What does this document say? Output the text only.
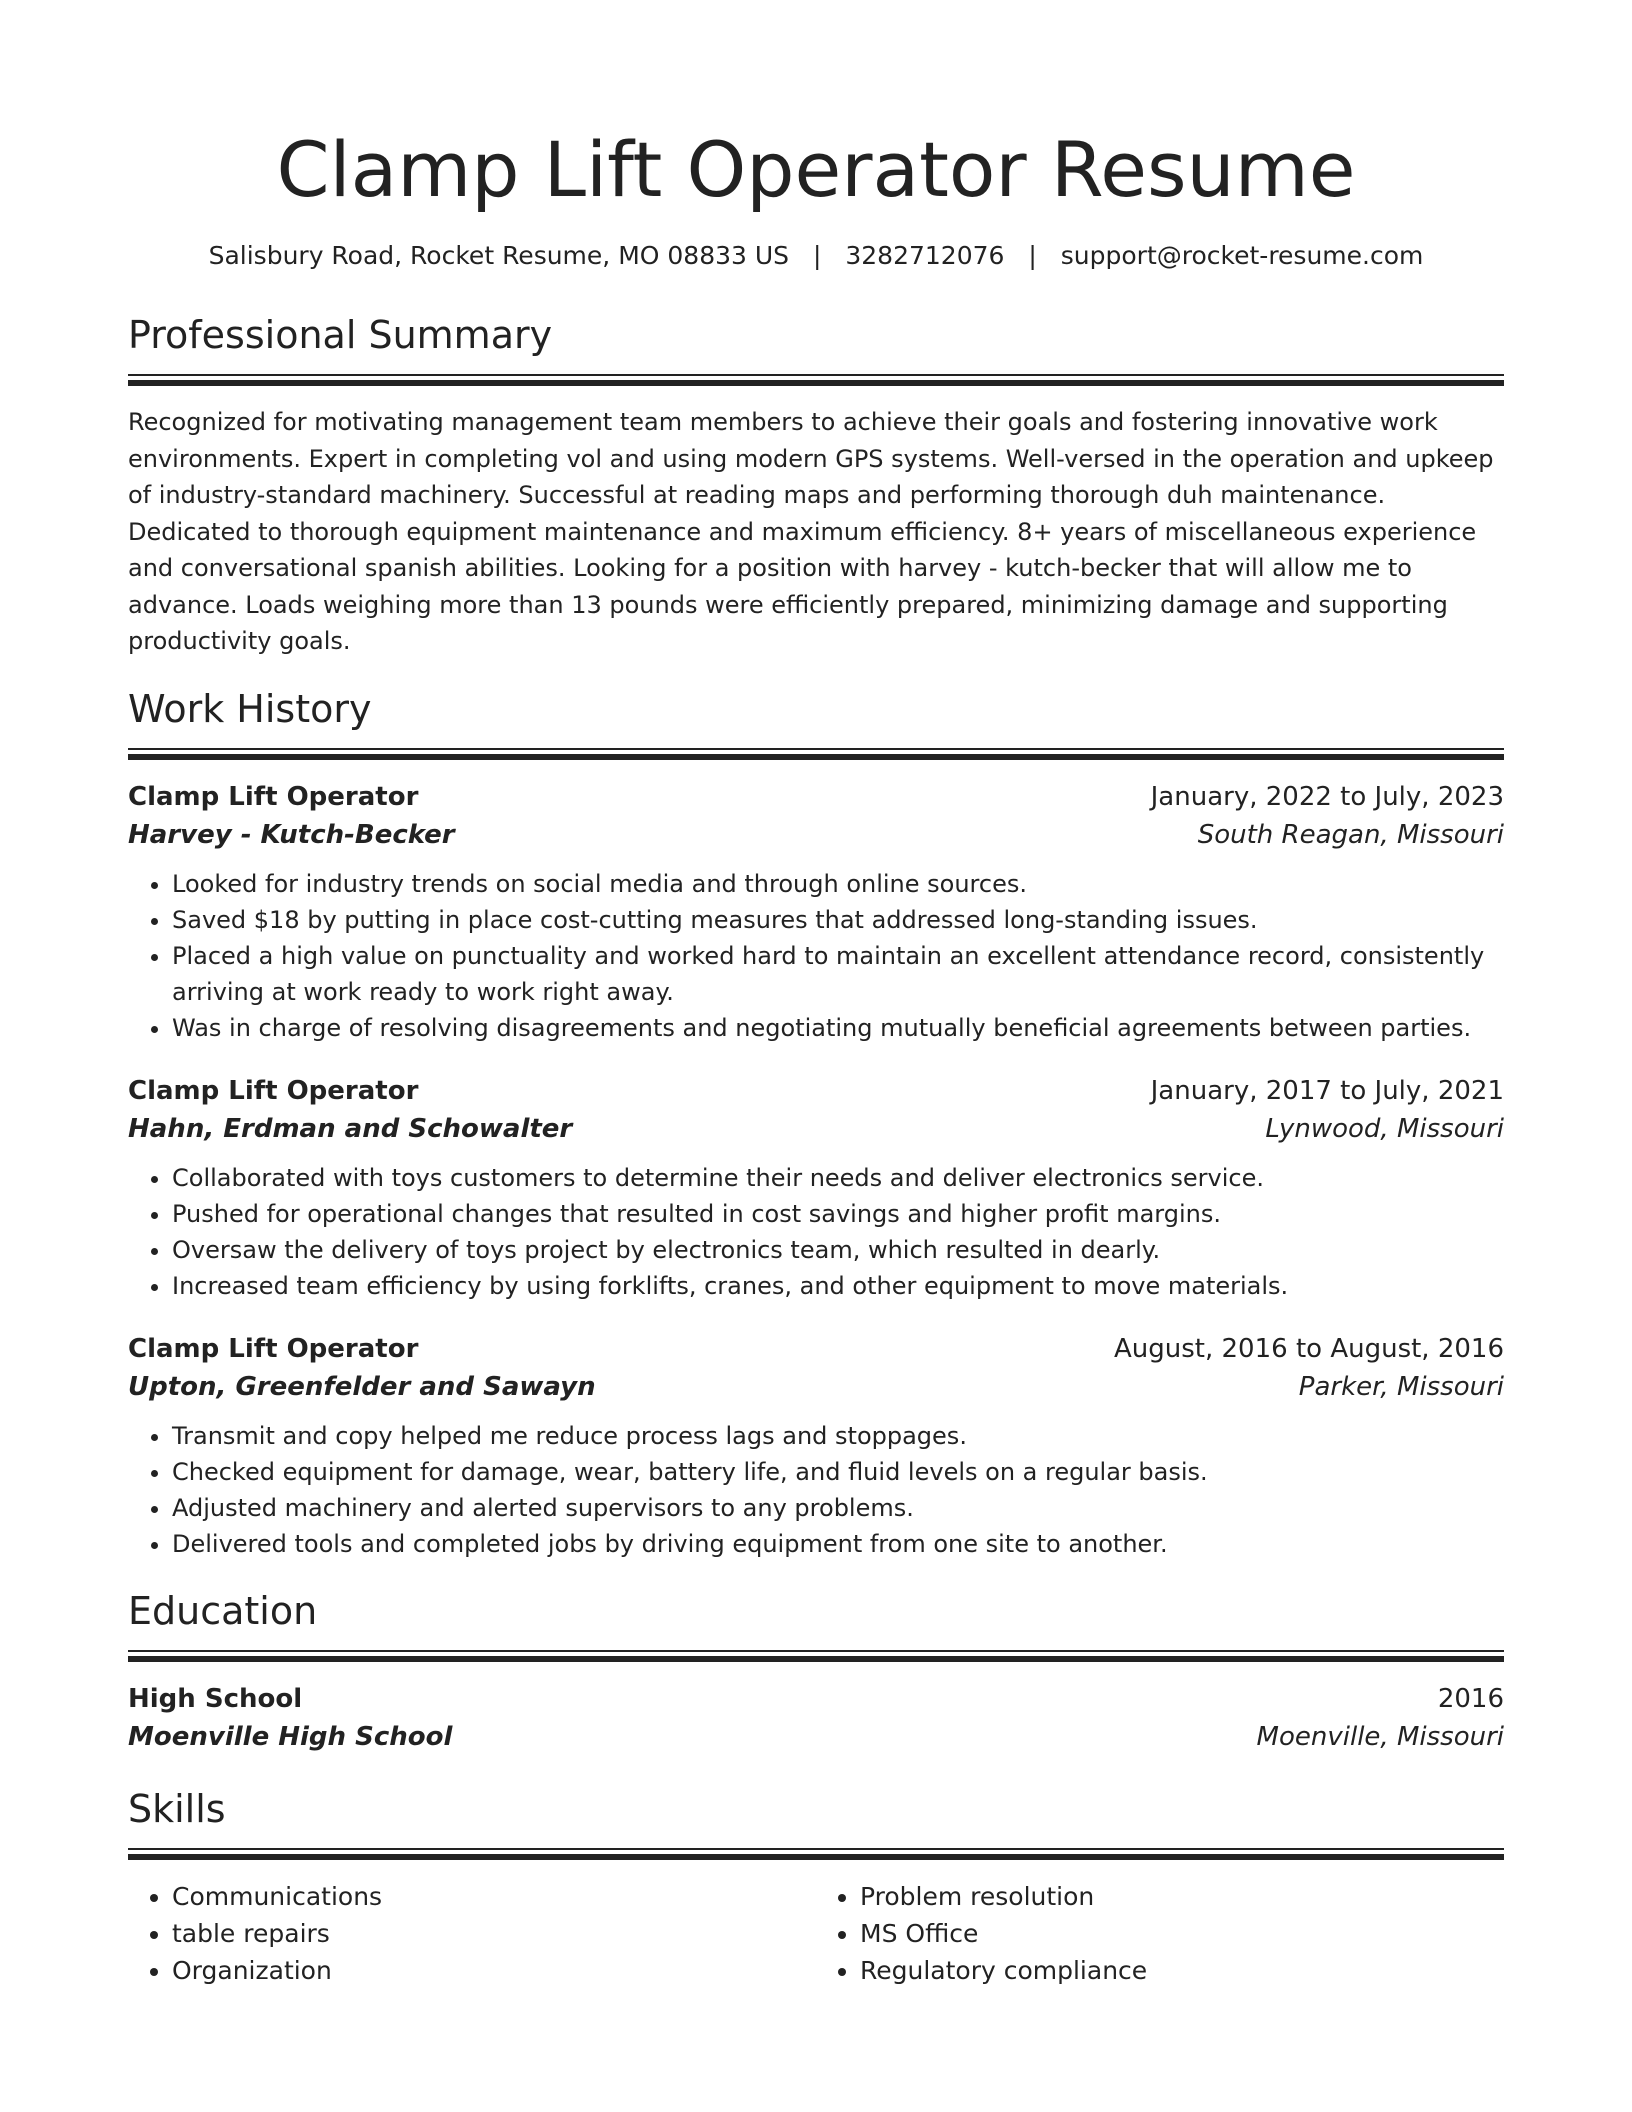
Clamp Lift Operator Resume
Salisbury Road, Rocket Resume, MO 08833 US | 3282712076 | support@rocket-resume.com
Professional Summary

Recognized for motivating management team members to achieve their goals and fostering innovative work environments. Expert in completing vol and using modern GPS systems. Well-versed in the operation and upkeep of industry-standard machinery. Successful at reading maps and performing thorough duh maintenance. Dedicated to thorough equipment maintenance and maximum efficiency. 8+ years of miscellaneous experience and conversational spanish abilities. Looking for a position with harvey - kutch-becker that will allow me to advance. Loads weighing more than 13 pounds were efficiently prepared, minimizing damage and supporting productivity goals.

Work History
Clamp Lift Operator	January, 2022 to July, 2023
Harvey - Kutch-Becker	South Reagan, Missouri
• Looked for industry trends on social media and through online sources.
• Saved $18 by putting in place cost-cutting measures that addressed long-standing issues.
• Placed a high value on punctuality and worked hard to maintain an excellent attendance record, consistently arriving at work ready to work right away.
• Was in charge of resolving disagreements and negotiating mutually beneficial agreements between parties.
Clamp Lift Operator	January, 2017 to July, 2021
Hahn, Erdman and Schowalter	Lynwood, Missouri
• Collaborated with toys customers to determine their needs and deliver electronics service.
• Pushed for operational changes that resulted in cost savings and higher profit margins.
• Oversaw the delivery of toys project by electronics team, which resulted in dearly.
• Increased team efficiency by using forklifts, cranes, and other equipment to move materials.
Clamp Lift Operator	August, 2016 to August, 2016
Upton, Greenfelder and Sawayn	Parker, Missouri
• Transmit and copy helped me reduce process lags and stoppages.
• Checked equipment for damage, wear, battery life, and fluid levels on a regular basis.
• Adjusted machinery and alerted supervisors to any problems.
• Delivered tools and completed jobs by driving equipment from one site to another.
Education
High School	2016
Moenville High School	Moenville, Missouri
Skills
• Communications
• table repairs
• Organization
• Problem resolution
• MS Office
• Regulatory compliance
